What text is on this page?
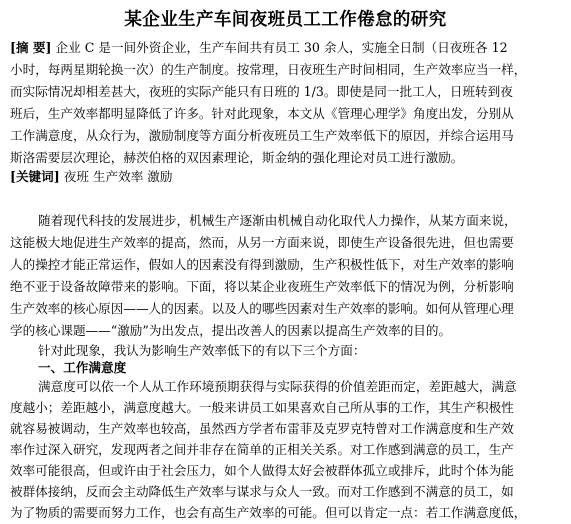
某企业生产车间夜班员工工作倦怠的研究
[摘 要] 企业 C 是一间外资企业，生产车间共有员工 30 余人，实施全日制（日夜班各 12
小时，每两星期轮换一次）的生产制度。按常理，日夜班生产时间相同，生产效率应当一样，
而实际情况却相差甚大，夜班的实际产能只有日班的 1/3。即使是同一批工人，日班转到夜
班后，生产效率都明显降低了许多。针对此现象，本文从《管理心理学》角度出发，分别从
工作满意度，从众行为，激励制度等方面分析夜班员工生产效率低下的原因，并综合运用马
斯洛需要层次理论，赫茨伯格的双因素理论，斯金纳的强化理论对员工进行激励。
[关键词] 夜班 生产效率 激励
随着现代科技的发展进步，机械生产逐渐由机械自动化取代人力操作，从某方面来说，
这能极大地促进生产效率的提高，然而，从另一方面来说，即使生产设备很先进，但也需要
人的操控才能正常运作，假如人的因素没有得到激励，生产积极性低下，对生产效率的影响
绝不亚于设备故障带来的影响。下面，将以某企业夜班生产效率低下的情况为例，分析影响
生产效率的核心原因——人的因素。以及人的哪些因素对生产效率的影响。如何从管理心理
学的核心课题——“激励”为出发点，提出改善人的因素以提高生产效率的目的。
针对此现象，我认为影响生产效率低下的有以下三个方面：
一、工作满意度
满意度可以依一个人从工作环境预期获得与实际获得的价值差距而定，差距越大，满意
度越小；差距越小，满意度越大。一般来讲员工如果喜欢自己所从事的工作，其生产积极性
就容易被调动，生产效率也较高，虽然西方学者布雷菲及克罗克特曾对工作满意度和生产效
率作过深入研究，发现两者之间并非存在简单的正相关关系。对工作感到满意的员工，生产
效率可能很高，但或许由于社会压力，如个人做得太好会被群体孤立或排斥，此时个体为能
被群体接纳，反而会主动降低生产效率与谋求与众人一致。而对工作感到不满意的员工，如
为了物质的需要而努力工作，也会有高生产效率的可能。但可以肯定一点：若工作满意度低，
